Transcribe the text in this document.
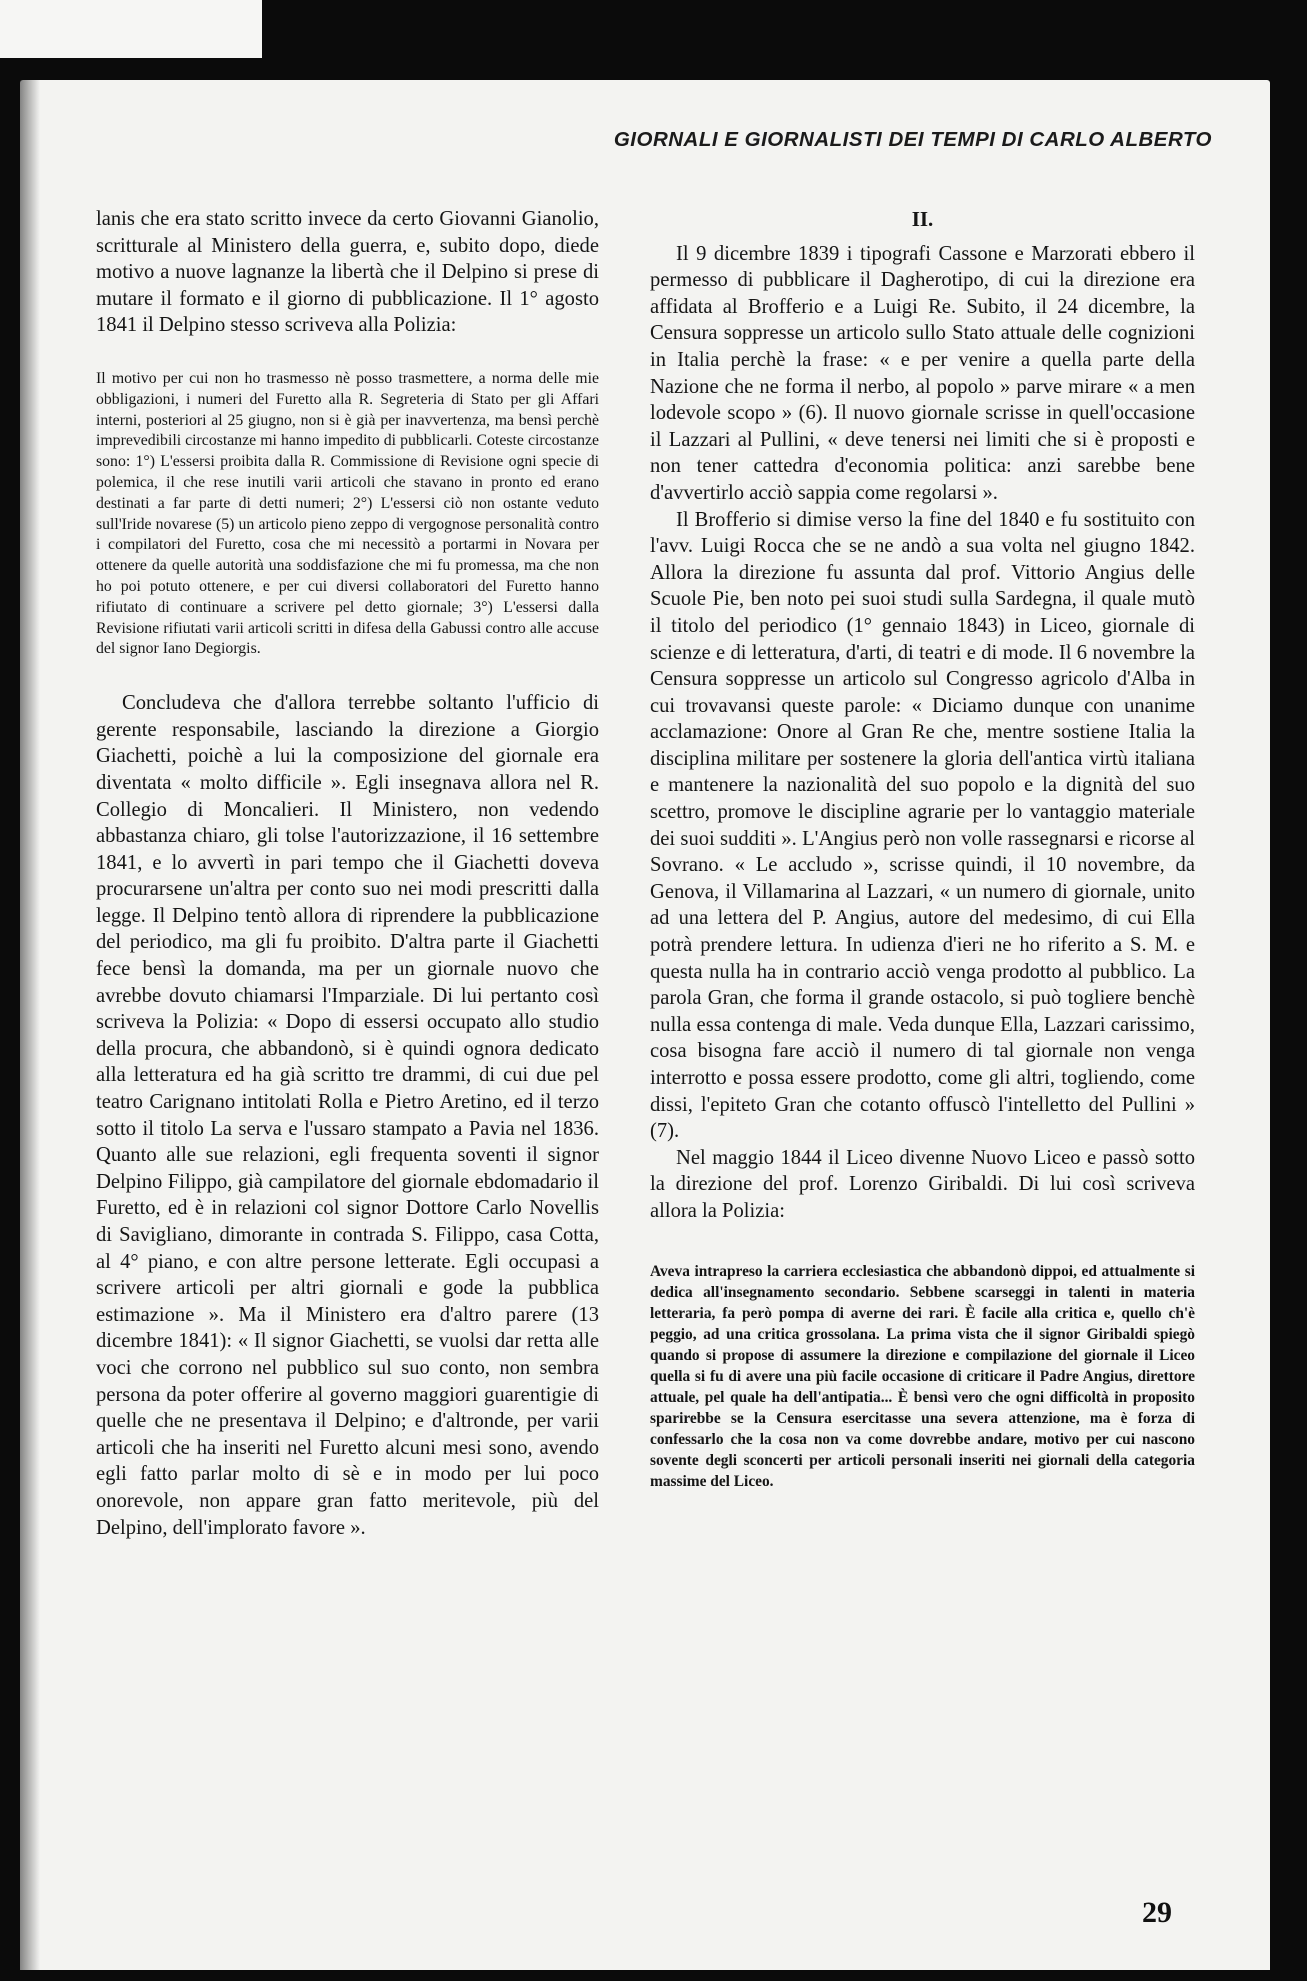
GIORNALI E GIORNALISTI DEI TEMPI DI CARLO ALBERTO

lanis che era stato scritto invece da certo Giovanni Gianolio, scritturale al Ministero della guerra, e, subito dopo, diede motivo a nuove lagnanze la libertà che il Delpino si prese di mutare il formato e il giorno di pubblicazione. Il 1° agosto 1841 il Delpino stesso scriveva alla Polizia:

Il motivo per cui non ho trasmesso nè posso trasmettere, a norma delle mie obbligazioni, i numeri del Furetto alla R. Segreteria di Stato per gli Affari interni, posteriori al 25 giugno, non si è già per inavvertenza, ma bensì perchè imprevedibili circostanze mi hanno impedito di pubblicarli. Coteste circostanze sono: 1°) L'essersi proibita dalla R. Commissione di Revisione ogni specie di polemica, il che rese inutili varii articoli che stavano in pronto ed erano destinati a far parte di detti numeri; 2°) L'essersi ciò non ostante veduto sull'Iride novarese (5) un articolo pieno zeppo di vergognose personalità contro i compilatori del Furetto, cosa che mi necessitò a portarmi in Novara per ottenere da quelle autorità una soddisfazione che mi fu promessa, ma che non ho poi potuto ottenere, e per cui diversi collaboratori del Furetto hanno rifiutato di continuare a scrivere pel detto giornale; 3°) L'essersi dalla Revisione rifiutati varii articoli scritti in difesa della Gabussi contro alle accuse del signor Iano Degiorgis.

Concludeva che d'allora terrebbe soltanto l'ufficio di gerente responsabile, lasciando la direzione a Giorgio Giachetti, poichè a lui la composizione del giornale era diventata « molto difficile ». Egli insegnava allora nel R. Collegio di Moncalieri. Il Ministero, non vedendo abbastanza chiaro, gli tolse l'autorizzazione, il 16 settembre 1841, e lo avvertì in pari tempo che il Giachetti doveva procurarsene un'altra per conto suo nei modi prescritti dalla legge. Il Delpino tentò allora di riprendere la pubblicazione del periodico, ma gli fu proibito. D'altra parte il Giachetti fece bensì la domanda, ma per un giornale nuovo che avrebbe dovuto chiamarsi l'Imparziale. Di lui pertanto così scriveva la Polizia: « Dopo di essersi occupato allo studio della procura, che abbandonò, si è quindi ognora dedicato alla letteratura ed ha già scritto tre drammi, di cui due pel teatro Carignano intitolati Rolla e Pietro Aretino, ed il terzo sotto il titolo La serva e l'ussaro stampato a Pavia nel 1836. Quanto alle sue relazioni, egli frequenta soventi il signor Delpino Filippo, già campilatore del giornale ebdomadario il Furetto, ed è in relazioni col signor Dottore Carlo Novellis di Savigliano, dimorante in contrada S. Filippo, casa Cotta, al 4° piano, e con altre persone letterate. Egli occupasi a scrivere articoli per altri giornali e gode la pubblica estimazione ». Ma il Ministero era d'altro parere (13 dicembre 1841): « Il signor Giachetti, se vuolsi dar retta alle voci che corrono nel pubblico sul suo conto, non sembra persona da poter offerire al governo maggiori guarentigie di quelle che ne presentava il Delpino; e d'altronde, per varii articoli che ha inseriti nel Furetto alcuni mesi sono, avendo egli fatto parlar molto di sè e in modo per lui poco onorevole, non appare gran fatto meritevole, più del Delpino, dell'implorato favore ».

II.

Il 9 dicembre 1839 i tipografi Cassone e Marzorati ebbero il permesso di pubblicare il Dagherotipo, di cui la direzione era affidata al Brofferio e a Luigi Re. Subito, il 24 dicembre, la Censura soppresse un articolo sullo Stato attuale delle cognizioni in Italia perchè la frase: « e per venire a quella parte della Nazione che ne forma il nerbo, al popolo » parve mirare « a men lodevole scopo » (6). Il nuovo giornale scrisse in quell'occasione il Lazzari al Pullini, « deve tenersi nei limiti che si è proposti e non tener cattedra d'economia politica: anzi sarebbe bene d'avvertirlo acciò sappia come regolarsi ».

Il Brofferio si dimise verso la fine del 1840 e fu sostituito con l'avv. Luigi Rocca che se ne andò a sua volta nel giugno 1842. Allora la direzione fu assunta dal prof. Vittorio Angius delle Scuole Pie, ben noto pei suoi studi sulla Sardegna, il quale mutò il titolo del periodico (1° gennaio 1843) in Liceo, giornale di scienze e di letteratura, d'arti, di teatri e di mode. Il 6 novembre la Censura soppresse un articolo sul Congresso agricolo d'Alba in cui trovavansi queste parole: « Diciamo dunque con unanime acclamazione: Onore al Gran Re che, mentre sostiene Italia la disciplina militare per sostenere la gloria dell'antica virtù italiana e mantenere la nazionalità del suo popolo e la dignità del suo scettro, promove le discipline agrarie per lo vantaggio materiale dei suoi sudditi ». L'Angius però non volle rassegnarsi e ricorse al Sovrano. « Le accludo », scrisse quindi, il 10 novembre, da Genova, il Villamarina al Lazzari, « un numero di giornale, unito ad una lettera del P. Angius, autore del medesimo, di cui Ella potrà prendere lettura. In udienza d'ieri ne ho riferito a S. M. e questa nulla ha in contrario acciò venga prodotto al pubblico. La parola Gran, che forma il grande ostacolo, si può togliere benchè nulla essa contenga di male. Veda dunque Ella, Lazzari carissimo, cosa bisogna fare acciò il numero di tal giornale non venga interrotto e possa essere prodotto, come gli altri, togliendo, come dissi, l'epiteto Gran che cotanto offuscò l'intelletto del Pullini » (7).

Nel maggio 1844 il Liceo divenne Nuovo Liceo e passò sotto la direzione del prof. Lorenzo Giribaldi. Di lui così scriveva allora la Polizia:

Aveva intrapreso la carriera ecclesiastica che abbandonò dippoi, ed attualmente si dedica all'insegnamento secondario. Sebbene scarseggi in talenti in materia letteraria, fa però pompa di averne dei rari. È facile alla critica e, quello ch'è peggio, ad una critica grossolana. La prima vista che il signor Giribaldi spiegò quando si propose di assumere la direzione e compilazione del giornale il Liceo quella si fu di avere una più facile occasione di criticare il Padre Angius, direttore attuale, pel quale ha dell'antipatia... È bensì vero che ogni difficoltà in proposito sparirebbe se la Censura esercitasse una severa attenzione, ma è forza di confessarlo che la cosa non va come dovrebbe andare, motivo per cui nascono sovente degli sconcerti per articoli personali inseriti nei giornali della categoria massime del Liceo.

29
